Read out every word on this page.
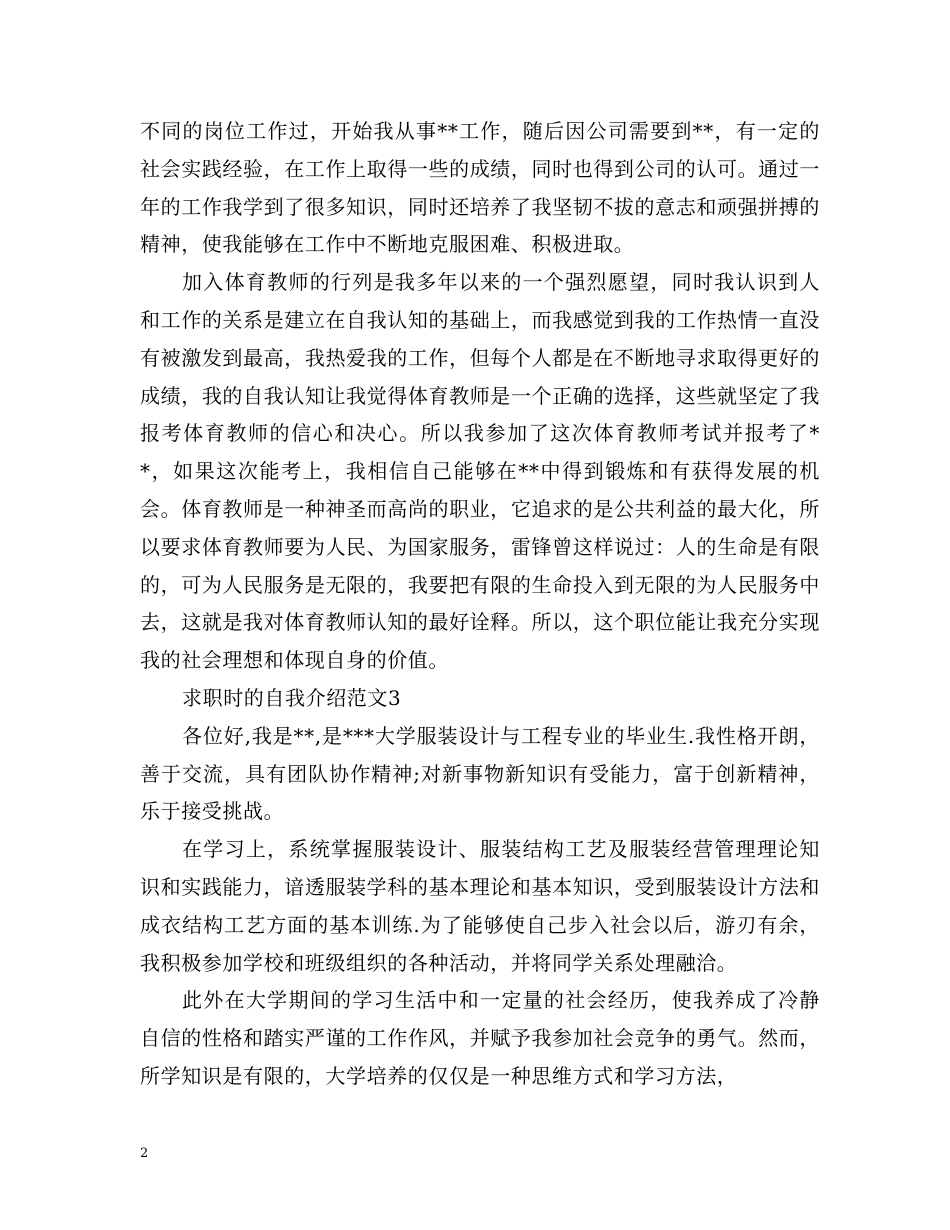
不同的岗位工作过，开始我从事**工作，随后因公司需要到**，有一定的社会实践经验，在工作上取得一些的成绩，同时也得到公司的认可。通过一年的工作我学到了很多知识，同时还培养了我坚韧不拔的意志和顽强拼搏的精神，使我能够在工作中不断地克服困难、积极进取。

加入体育教师的行列是我多年以来的一个强烈愿望，同时我认识到人和工作的关系是建立在自我认知的基础上，而我感觉到我的工作热情一直没有被激发到最高，我热爱我的工作，但每个人都是在不断地寻求取得更好的成绩，我的自我认知让我觉得体育教师是一个正确的选择，这些就坚定了我报考体育教师的信心和决心。所以我参加了这次体育教师考试并报考了**，如果这次能考上，我相信自己能够在**中得到锻炼和有获得发展的机会。体育教师是一种神圣而高尚的职业，它追求的是公共利益的最大化，所以要求体育教师要为人民、为国家服务，雷锋曾这样说过：人的生命是有限的，可为人民服务是无限的，我要把有限的生命投入到无限的为人民服务中去，这就是我对体育教师认知的最好诠释。所以，这个职位能让我充分实现我的社会理想和体现自身的价值。

求职时的自我介绍范文3

各位好,我是**,是***大学服装设计与工程专业的毕业生.我性格开朗，善于交流，具有团队协作精神;对新事物新知识有受能力，富于创新精神，乐于接受挑战。

在学习上，系统掌握服装设计、服装结构工艺及服装经营管理理论知识和实践能力，谙透服装学科的基本理论和基本知识，受到服装设计方法和成衣结构工艺方面的基本训练.为了能够使自己步入社会以后，游刃有余，我积极参加学校和班级组织的各种活动，并将同学关系处理融洽。

此外在大学期间的学习生活中和一定量的社会经历，使我养成了冷静自信的性格和踏实严谨的工作作风，并赋予我参加社会竞争的勇气。然而，所学知识是有限的，大学培养的仅仅是一种思维方式和学习方法，

2
